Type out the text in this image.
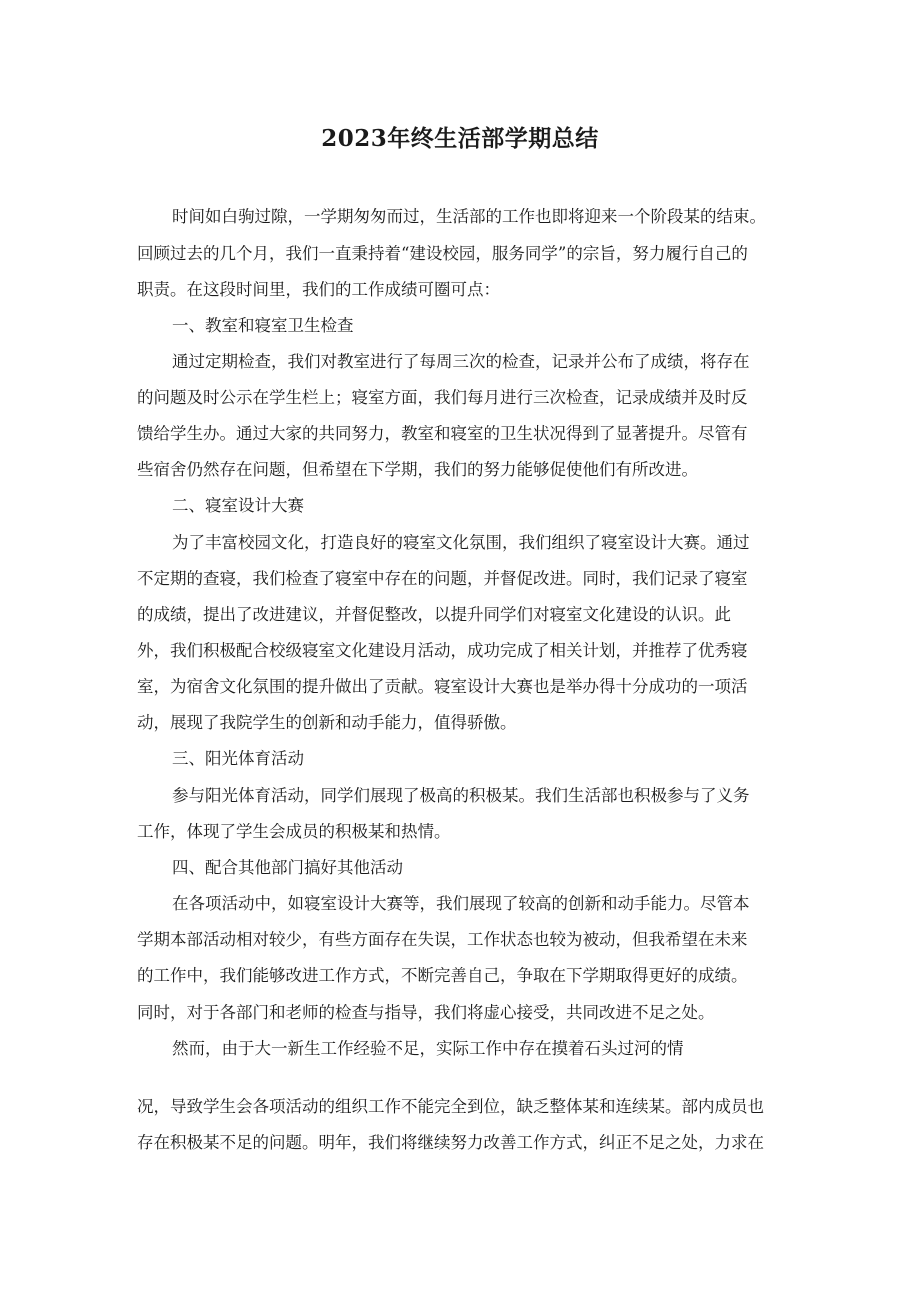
2023年终生活部学期总结
时间如白驹过隙，一学期匆匆而过，生活部的工作也即将迎来一个阶段某的结束。
回顾过去的几个月，我们一直秉持着“建设校园，服务同学”的宗旨，努力履行自己的
职责。在这段时间里，我们的工作成绩可圈可点：
一、教室和寝室卫生检查
通过定期检查，我们对教室进行了每周三次的检查，记录并公布了成绩，将存在
的问题及时公示在学生栏上；寝室方面，我们每月进行三次检查，记录成绩并及时反
馈给学生办。通过大家的共同努力，教室和寝室的卫生状况得到了显著提升。尽管有
些宿舍仍然存在问题，但希望在下学期，我们的努力能够促使他们有所改进。
二、寝室设计大赛
为了丰富校园文化，打造良好的寝室文化氛围，我们组织了寝室设计大赛。通过
不定期的查寝，我们检查了寝室中存在的问题，并督促改进。同时，我们记录了寝室
的成绩，提出了改进建议，并督促整改，以提升同学们对寝室文化建设的认识。此
外，我们积极配合校级寝室文化建设月活动，成功完成了相关计划，并推荐了优秀寝
室，为宿舍文化氛围的提升做出了贡献。寝室设计大赛也是举办得十分成功的一项活
动，展现了我院学生的创新和动手能力，值得骄傲。
三、阳光体育活动
参与阳光体育活动，同学们展现了极高的积极某。我们生活部也积极参与了义务
工作，体现了学生会成员的积极某和热情。
四、配合其他部门搞好其他活动
在各项活动中，如寝室设计大赛等，我们展现了较高的创新和动手能力。尽管本
学期本部活动相对较少，有些方面存在失误，工作状态也较为被动，但我希望在未来
的工作中，我们能够改进工作方式，不断完善自己，争取在下学期取得更好的成绩。
同时，对于各部门和老师的检查与指导，我们将虚心接受，共同改进不足之处。
然而，由于大一新生工作经验不足，实际工作中存在摸着石头过河的情
况，导致学生会各项活动的组织工作不能完全到位，缺乏整体某和连续某。部内成员也
存在积极某不足的问题。明年，我们将继续努力改善工作方式，纠正不足之处，力求在
